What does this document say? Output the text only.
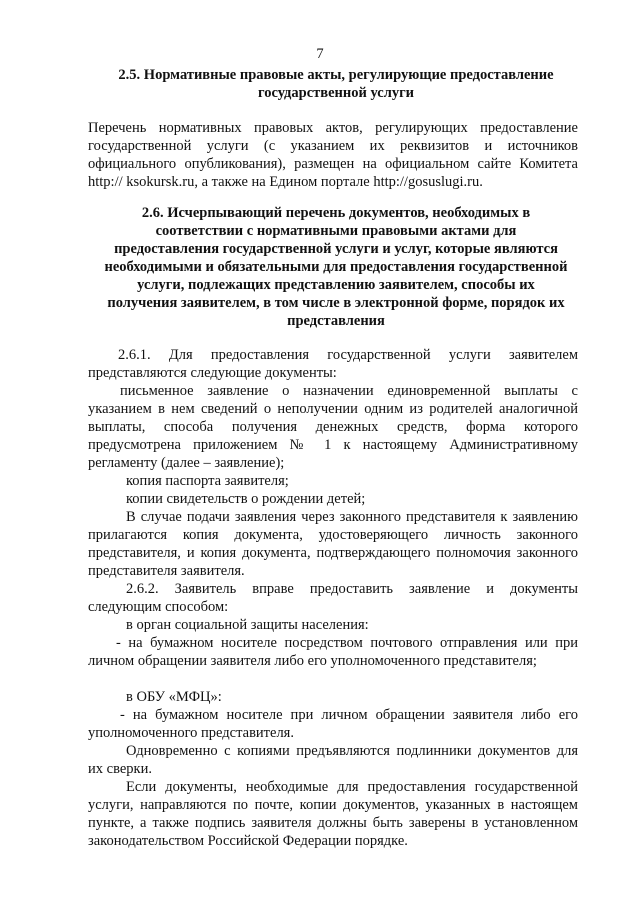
7
2.5. Нормативные правовые акты, регулирующие предоставление
государственной услуги
Перечень нормативных правовых актов, регулирующих предоставление государственной услуги (с указанием их реквизитов и источников официального опубликования), размещен на официальном сайте Комитета http:// ksokursk.ru, а также на Едином портале http://gosuslugi.ru.
2.6. Исчерпывающий перечень документов, необходимых в
соответствии с нормативными правовыми актами для
предоставления государственной услуги и услуг, которые являются
необходимыми и обязательными для предоставления государственной
услуги, подлежащих представлению заявителем, способы их
получения заявителем, в том числе в электронной форме, порядок их
представления
2.6.1. Для предоставления государственной услуги заявителем представляются следующие документы:
письменное заявление о назначении единовременной выплаты с указанием в нем сведений о неполучении одним из родителей аналогичной выплаты, способа получения денежных средств, форма которого предусмотрена приложением № 1 к настоящему Административному регламенту (далее – заявление);
копия паспорта заявителя;
копии свидетельств о рождении детей;
В случае подачи заявления через законного представителя к заявлению прилагаются копия документа, удостоверяющего личность законного представителя, и копия документа, подтверждающего полномочия законного представителя заявителя.
2.6.2. Заявитель вправе предоставить заявление и документы следующим способом:
в орган социальной защиты населения:
- на бумажном носителе посредством почтового отправления или при личном обращении заявителя либо его уполномоченного представителя;
в ОБУ «МФЦ»:
- на бумажном носителе при личном обращении заявителя либо его уполномоченного представителя.
Одновременно с копиями предъявляются подлинники документов для их сверки.
Если документы, необходимые для предоставления государственной услуги, направляются по почте, копии документов, указанных в настоящем пункте, а также подпись заявителя должны быть заверены в установленном законодательством Российской Федерации порядке.
